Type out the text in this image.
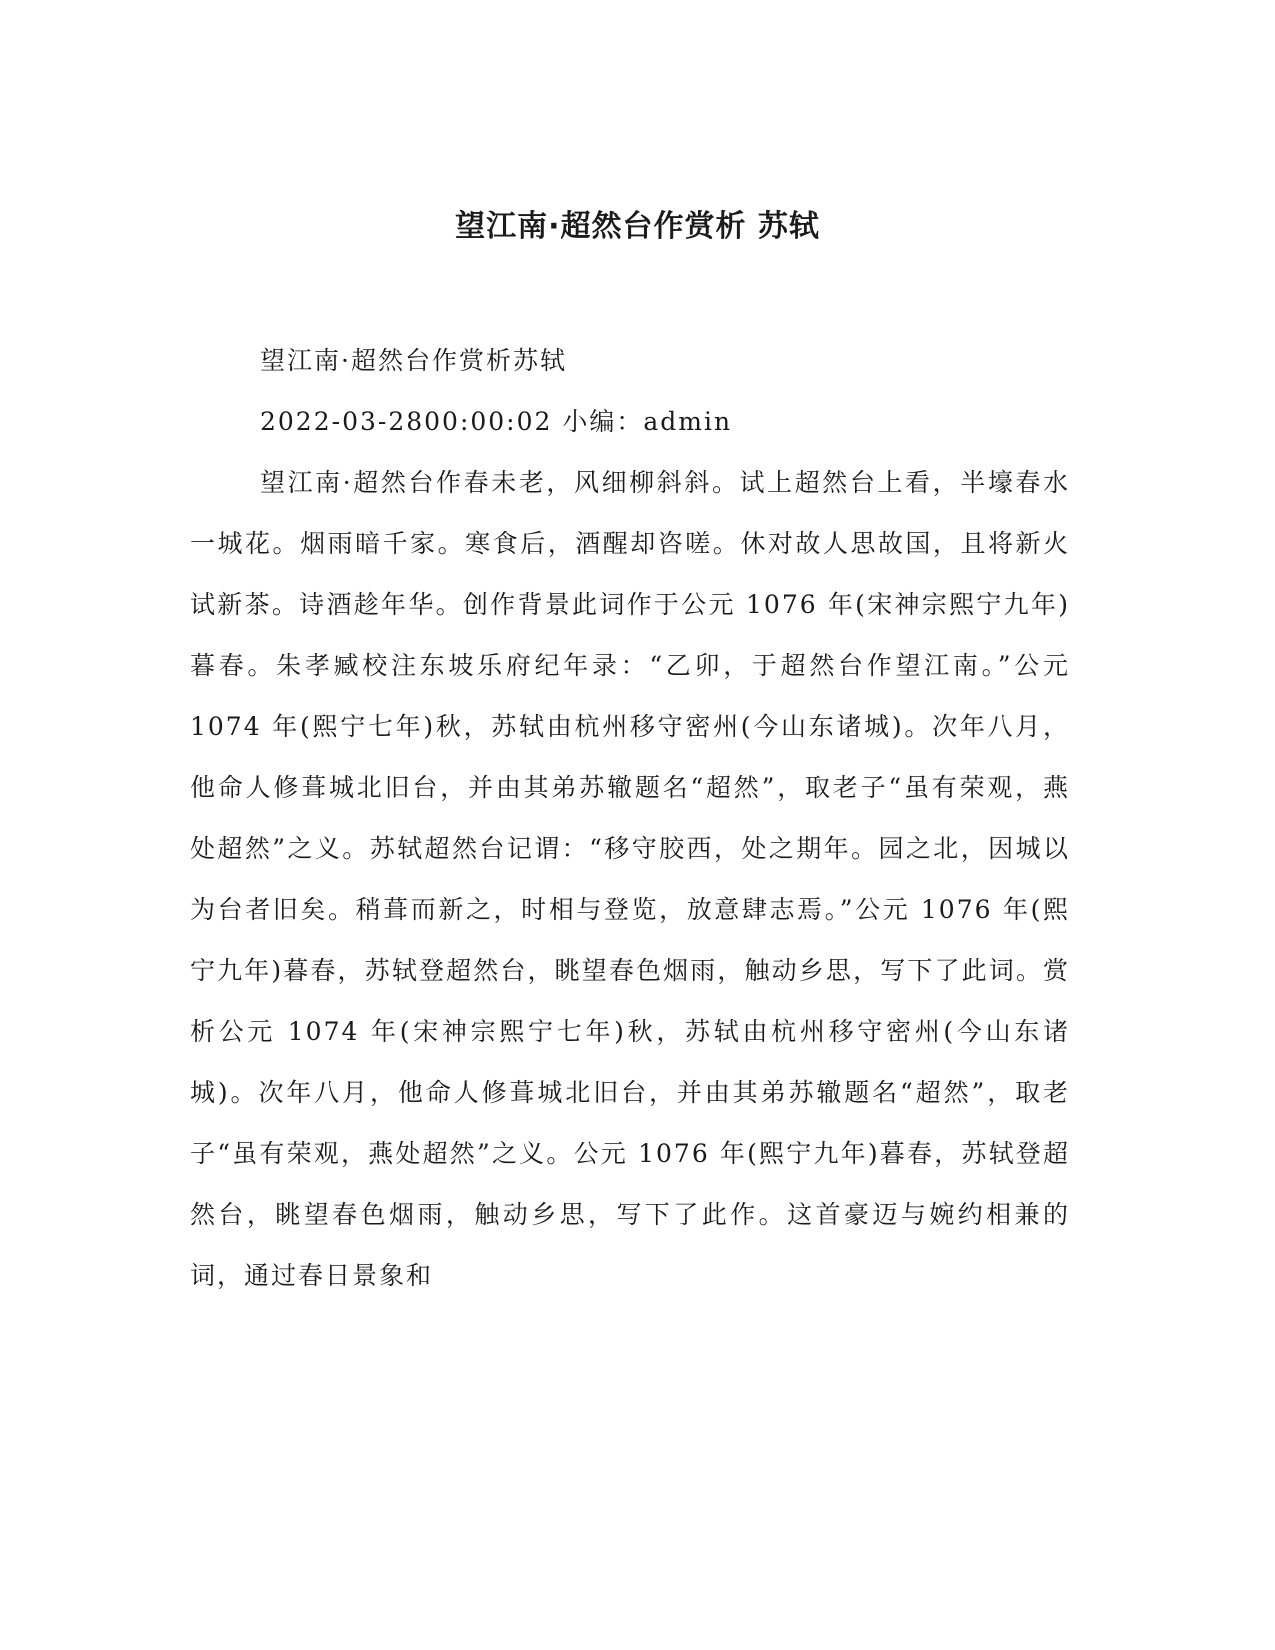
望江南·超然台作赏析 苏轼

望江南·超然台作赏析苏轼

2022-03-2800:00:02 小编：admin

望江南·超然台作春未老，风细柳斜斜。试上超然台上看，半壕春水一城花。烟雨暗千家。寒食后，酒醒却咨嗟。休对故人思故国，且将新火试新茶。诗酒趁年华。创作背景此词作于公元 1076 年(宋神宗熙宁九年)暮春。朱孝臧校注东坡乐府纪年录：“乙卯，于超然台作望江南。”公元 1074 年(熙宁七年)秋，苏轼由杭州移守密州(今山东诸城)。次年八月，他命人修葺城北旧台，并由其弟苏辙题名“超然”，取老子“虽有荣观，燕处超然”之义。苏轼超然台记谓：“移守胶西，处之期年。园之北，因城以为台者旧矣。稍葺而新之，时相与登览，放意肆志焉。”公元 1076 年(熙宁九年)暮春，苏轼登超然台，眺望春色烟雨，触动乡思，写下了此词。赏析公元 1074 年(宋神宗熙宁七年)秋，苏轼由杭州移守密州(今山东诸城)。次年八月，他命人修葺城北旧台，并由其弟苏辙题名“超然”，取老子“虽有荣观，燕处超然”之义。公元 1076 年(熙宁九年)暮春，苏轼登超然台，眺望春色烟雨，触动乡思，写下了此作。这首豪迈与婉约相兼的词，通过春日景象和
